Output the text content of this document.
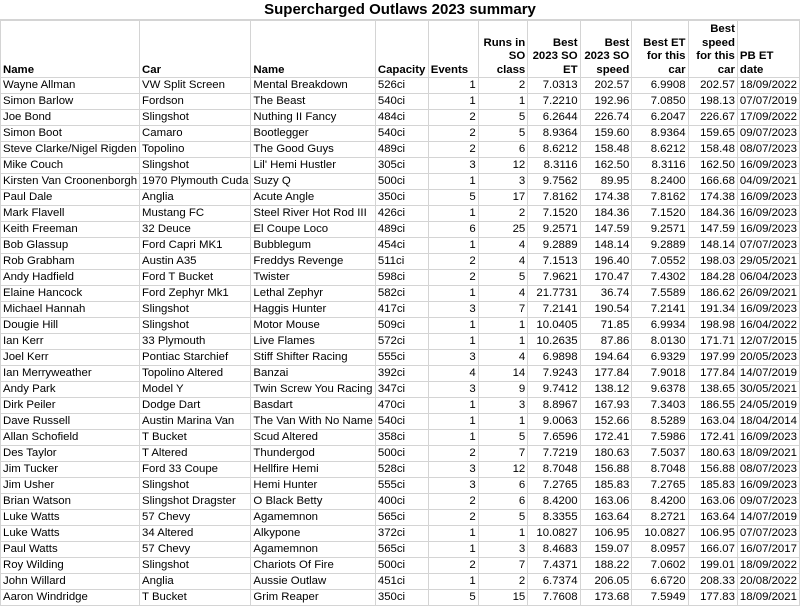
Supercharged Outlaws 2023 summary
Name	Car	Name	Capacity	Events	Runs in SO class	Best 2023 SO ET	Best 2023 SO speed	Best ET for this car	Best speed for this car	PB ET date
Wayne Allman	VW Split Screen	Mental Breakdown	526ci	1	2	7.0313	202.57	6.9908	202.57	18/09/2022
Simon Barlow	Fordson	The Beast	540ci	1	1	7.2210	192.96	7.0850	198.13	07/07/2019
Joe Bond	Slingshot	Nuthing II Fancy	484ci	2	5	6.2644	226.74	6.2047	226.67	17/09/2022
Simon Boot	Camaro	Bootlegger	540ci	2	5	8.9364	159.60	8.9364	159.65	09/07/2023
Steve Clarke/Nigel Rigden	Topolino	The Good Guys	489ci	2	6	8.6212	158.48	8.6212	158.48	08/07/2023
Mike Couch	Slingshot	Lil' Hemi Hustler	305ci	3	12	8.3116	162.50	8.3116	162.50	16/09/2023
Kirsten Van Croonenborgh	1970 Plymouth Cuda	Suzy Q	500ci	1	3	9.7562	89.95	8.2400	166.68	04/09/2021
Paul Dale	Anglia	Acute Angle	350ci	5	17	7.8162	174.38	7.8162	174.38	16/09/2023
Mark Flavell	Mustang FC	Steel River Hot Rod III	426ci	1	2	7.1520	184.36	7.1520	184.36	16/09/2023
Keith Freeman	32 Deuce	El Coupe Loco	489ci	6	25	9.2571	147.59	9.2571	147.59	16/09/2023
Bob Glassup	Ford Capri MK1	Bubblegum	454ci	1	4	9.2889	148.14	9.2889	148.14	07/07/2023
Rob Grabham	Austin A35	Freddys Revenge	511ci	2	4	7.1513	196.40	7.0552	198.03	29/05/2021
Andy Hadfield	Ford T Bucket	Twister	598ci	2	5	7.9621	170.47	7.4302	184.28	06/04/2023
Elaine Hancock	Ford Zephyr Mk1	Lethal Zephyr	582ci	1	4	21.7731	36.74	7.5589	186.62	26/09/2021
Michael Hannah	Slingshot	Haggis Hunter	417ci	3	7	7.2141	190.54	7.2141	191.34	16/09/2023
Dougie Hill	Slingshot	Motor Mouse	509ci	1	1	10.0405	71.85	6.9934	198.98	16/04/2022
Ian Kerr	33 Plymouth	Live Flames	572ci	1	1	10.2635	87.86	8.0130	171.71	12/07/2015
Joel Kerr	Pontiac Starchief	Stiff Shifter Racing	555ci	3	4	6.9898	194.64	6.9329	197.99	20/05/2023
Ian Merryweather	Topolino Altered	Banzai	392ci	4	14	7.9243	177.84	7.9018	177.84	14/07/2019
Andy Park	Model Y	Twin Screw You Racing	347ci	3	9	9.7412	138.12	9.6378	138.65	30/05/2021
Dirk Peiler	Dodge Dart	Basdart	470ci	1	3	8.8967	167.93	7.3403	186.55	24/05/2019
Dave Russell	Austin Marina Van	The Van With No Name	540ci	1	1	9.0063	152.66	8.5289	163.04	18/04/2014
Allan Schofield	T Bucket	Scud Altered	358ci	1	5	7.6596	172.41	7.5986	172.41	16/09/2023
Des Taylor	T Altered	Thundergod	500ci	2	7	7.7219	180.63	7.5037	180.63	18/09/2021
Jim Tucker	Ford 33 Coupe	Hellfire Hemi	528ci	3	12	8.7048	156.88	8.7048	156.88	08/07/2023
Jim Usher	Slingshot	Hemi Hunter	555ci	3	6	7.2765	185.83	7.2765	185.83	16/09/2023
Brian Watson	Slingshot Dragster	O Black Betty	400ci	2	6	8.4200	163.06	8.4200	163.06	09/07/2023
Luke Watts	57 Chevy	Agamemnon	565ci	2	5	8.3355	163.64	8.2721	163.64	14/07/2019
Luke Watts	34 Altered	Alkypone	372ci	1	1	10.0827	106.95	10.0827	106.95	07/07/2023
Paul Watts	57 Chevy	Agamemnon	565ci	1	3	8.4683	159.07	8.0957	166.07	16/07/2017
Roy Wilding	Slingshot	Chariots Of Fire	500ci	2	7	7.4371	188.22	7.0602	199.01	18/09/2022
John Willard	Anglia	Aussie Outlaw	451ci	1	2	6.7374	206.05	6.6720	208.33	20/08/2022
Aaron Windridge	T Bucket	Grim Reaper	350ci	5	15	7.7608	173.68	7.5949	177.83	18/09/2021
